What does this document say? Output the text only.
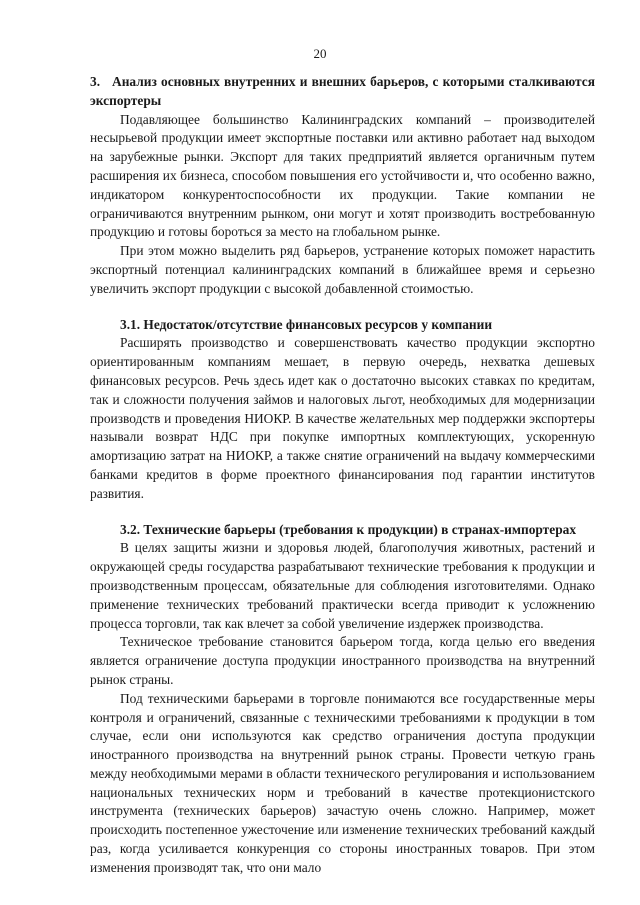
20
3. Анализ основных внутренних и внешних барьеров, с которыми сталкиваются экспортеры

Подавляющее большинство Калининградских компаний – производителей несырьевой продукции имеет экспортные поставки или активно работает над выходом на зарубежные рынки. Экспорт для таких предприятий является органичным путем расширения их бизнеса, способом повышения его устойчивости и, что особенно важно, индикатором конкурентоспособности их продукции. Такие компании не ограничиваются внутренним рынком, они могут и хотят производить востребованную продукцию и готовы бороться за место на глобальном рынке.

При этом можно выделить ряд барьеров, устранение которых поможет нарастить экспортный потенциал калининградских компаний в ближайшее время и серьезно увеличить экспорт продукции с высокой добавленной стоимостью.

3.1. Недостаток/отсутствие финансовых ресурсов у компании

Расширять производство и совершенствовать качество продукции экспортно ориентированным компаниям мешает, в первую очередь, нехватка дешевых финансовых ресурсов. Речь здесь идет как о достаточно высоких ставках по кредитам, так и сложности получения займов и налоговых льгот, необходимых для модернизации производств и проведения НИОКР. В качестве желательных мер поддержки экспортеры называли возврат НДС при покупке импортных комплектующих, ускоренную амортизацию затрат на НИОКР, а также снятие ограничений на выдачу коммерческими банками кредитов в форме проектного финансирования под гарантии институтов развития.

3.2. Технические барьеры (требования к продукции) в странах-импортерах

В целях защиты жизни и здоровья людей, благополучия животных, растений и окружающей среды государства разрабатывают технические требования к продукции и производственным процессам, обязательные для соблюдения изготовителями. Однако применение технических требований практически всегда приводит к усложнению процесса торговли, так как влечет за собой увеличение издержек производства.

Техническое требование становится барьером тогда, когда целью его введения является ограничение доступа продукции иностранного производства на внутренний рынок страны.

Под техническими барьерами в торговле понимаются все государственные меры контроля и ограничений, связанные с техническими требованиями к продукции в том случае, если они используются как средство ограничения доступа продукции иностранного производства на внутренний рынок страны. Провести четкую грань между необходимыми мерами в области технического регулирования и использованием национальных технических норм и требований в качестве протекционистского инструмента (технических барьеров) зачастую очень сложно. Например, может происходить постепенное ужесточение или изменение технических требований каждый раз, когда усиливается конкуренция со стороны иностранных товаров. При этом изменения производят так, что они мало
